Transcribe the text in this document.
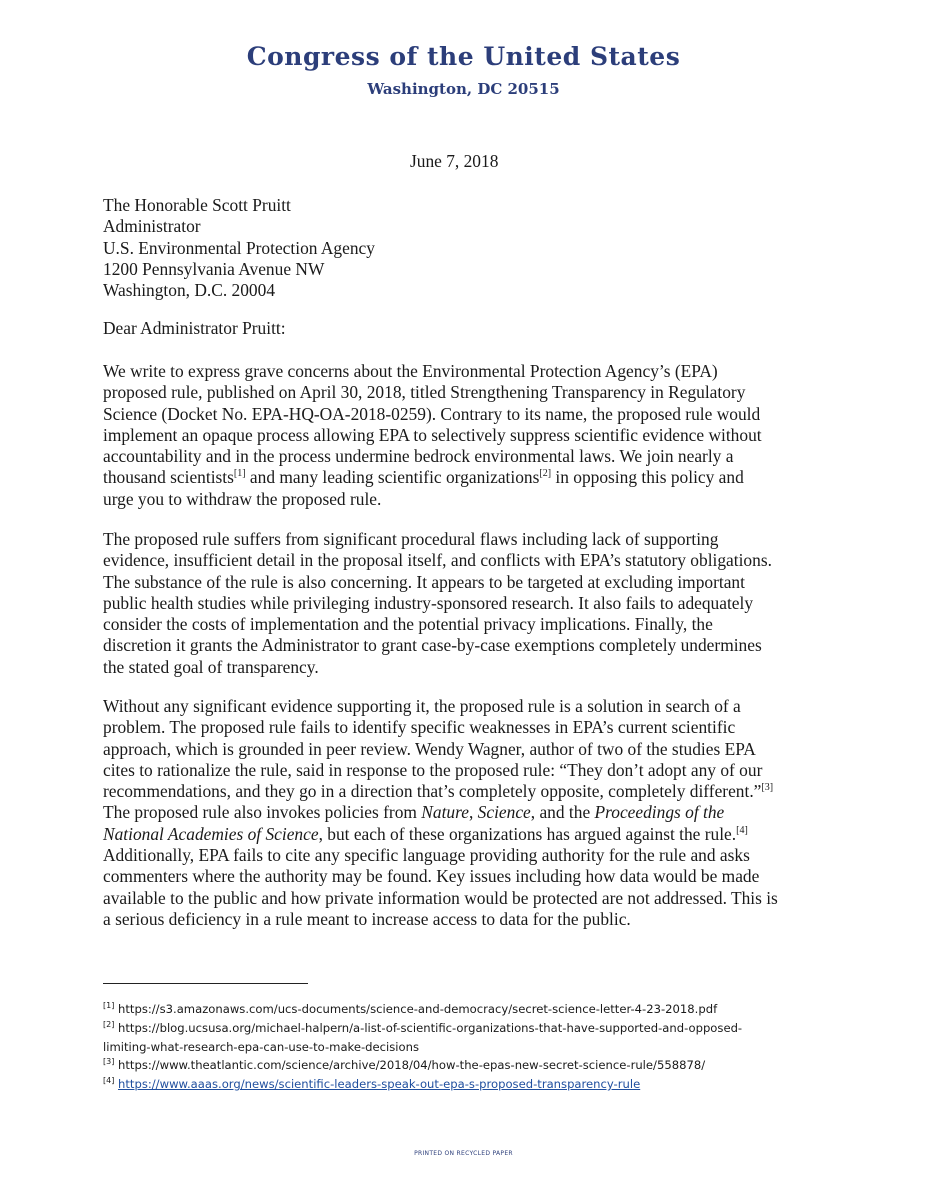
Congress of the United States
Washington, DC 20515
June 7, 2018
The Honorable Scott Pruitt
Administrator
U.S. Environmental Protection Agency
1200 Pennsylvania Avenue NW
Washington, D.C. 20004
Dear Administrator Pruitt:
We write to express grave concerns about the Environmental Protection Agency’s (EPA)
proposed rule, published on April 30, 2018, titled Strengthening Transparency in Regulatory
Science (Docket No. EPA-HQ-OA-2018-0259). Contrary to its name, the proposed rule would
implement an opaque process allowing EPA to selectively suppress scientific evidence without
accountability and in the process undermine bedrock environmental laws. We join nearly a
thousand scientists[1] and many leading scientific organizations[2] in opposing this policy and
urge you to withdraw the proposed rule.
The proposed rule suffers from significant procedural flaws including lack of supporting
evidence, insufficient detail in the proposal itself, and conflicts with EPA’s statutory obligations.
The substance of the rule is also concerning. It appears to be targeted at excluding important
public health studies while privileging industry-sponsored research. It also fails to adequately
consider the costs of implementation and the potential privacy implications. Finally, the
discretion it grants the Administrator to grant case-by-case exemptions completely undermines
the stated goal of transparency.
Without any significant evidence supporting it, the proposed rule is a solution in search of a
problem. The proposed rule fails to identify specific weaknesses in EPA’s current scientific
approach, which is grounded in peer review. Wendy Wagner, author of two of the studies EPA
cites to rationalize the rule, said in response to the proposed rule: “They don’t adopt any of our
recommendations, and they go in a direction that’s completely opposite, completely different.”[3]
The proposed rule also invokes policies from Nature, Science, and the Proceedings of the
National Academies of Science, but each of these organizations has argued against the rule.[4]
Additionally, EPA fails to cite any specific language providing authority for the rule and asks
commenters where the authority may be found. Key issues including how data would be made
available to the public and how private information would be protected are not addressed. This is
a serious deficiency in a rule meant to increase access to data for the public.
[1] https://s3.amazonaws.com/ucs-documents/science-and-democracy/secret-science-letter-4-23-2018.pdf
[2] https://blog.ucsusa.org/michael-halpern/a-list-of-scientific-organizations-that-have-supported-and-opposed-
limiting-what-research-epa-can-use-to-make-decisions
[3] https://www.theatlantic.com/science/archive/2018/04/how-the-epas-new-secret-science-rule/558878/
[4] https://www.aaas.org/news/scientific-leaders-speak-out-epa-s-proposed-transparency-rule
PRINTED ON RECYCLED PAPER
